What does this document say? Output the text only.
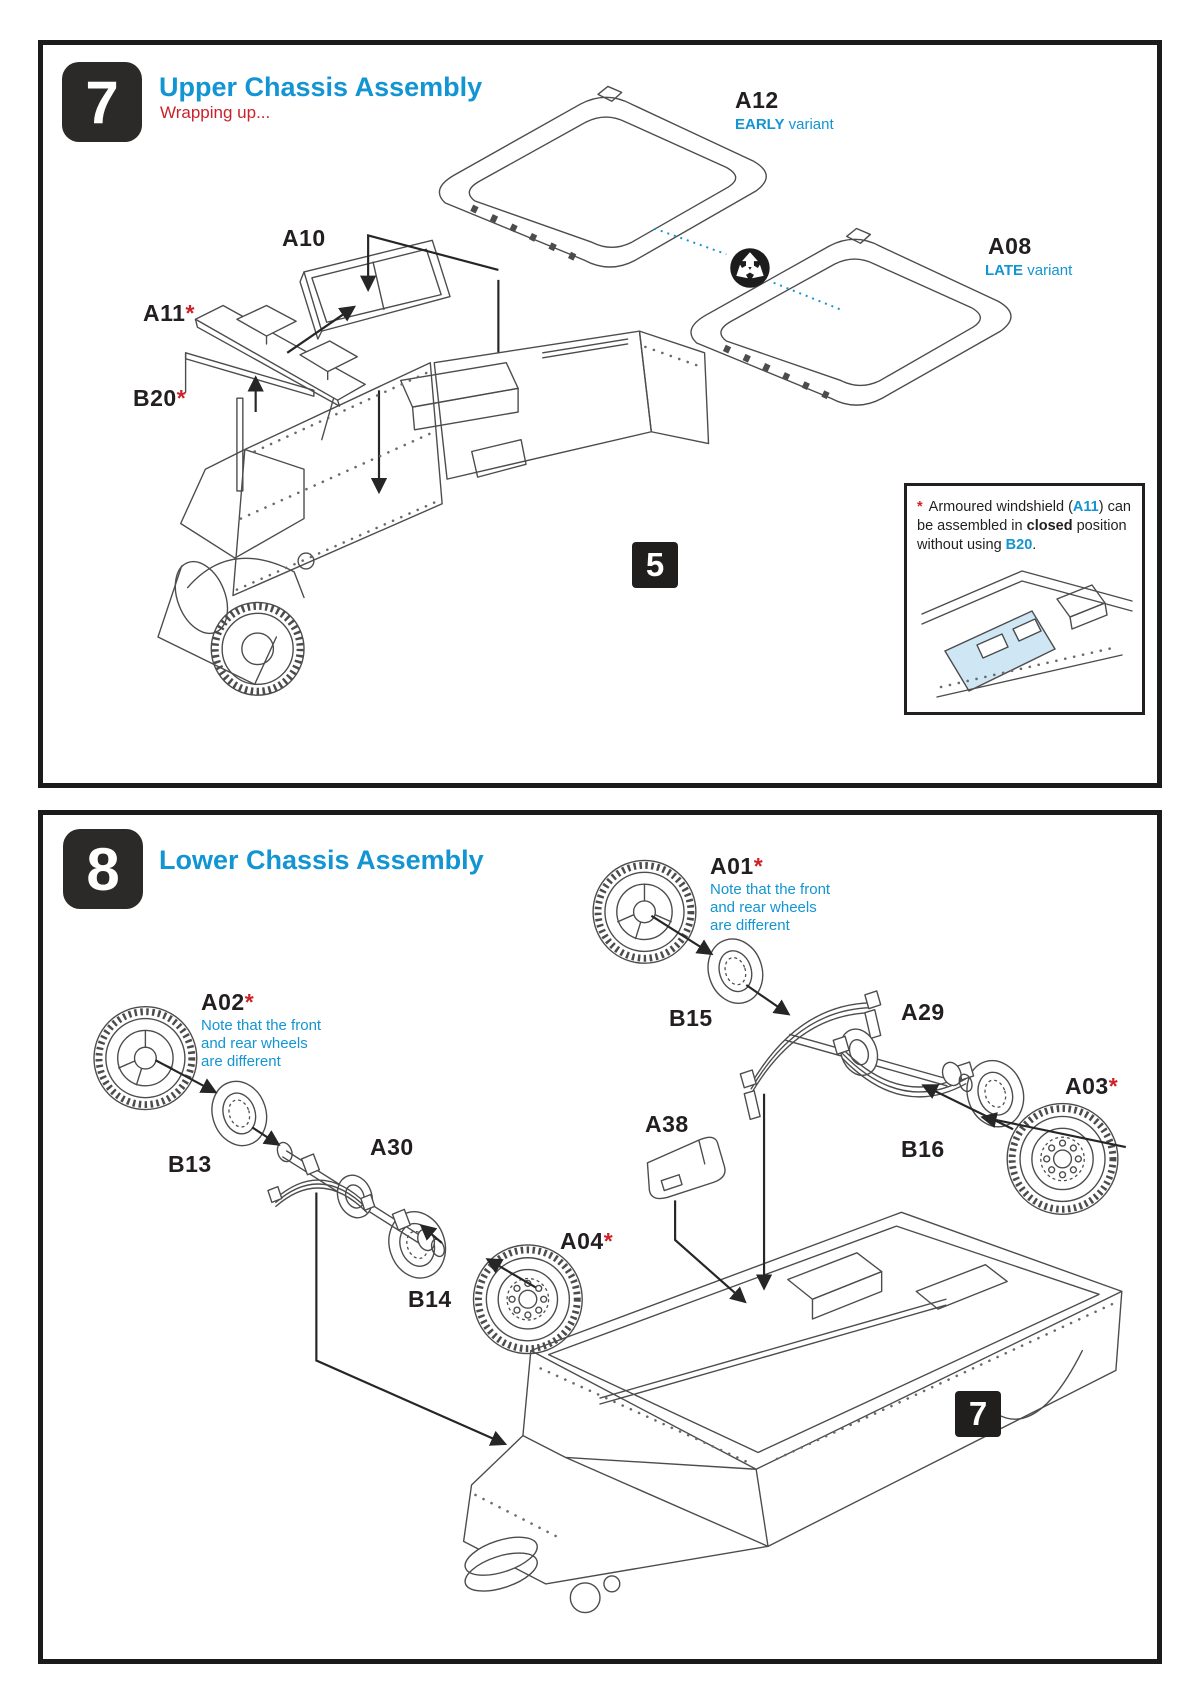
7 Upper Chassis Assembly
Wrapping up...	A12
EARLY variant
A08
LATE variant
A10
A11*
B20*
5
* Armoured windshield (A11) can be assembled in closed position without using B20.
8 Lower Chassis Assembly	A01*
Note that the front
and rear wheels
are different
A02*
Note that the front
and rear wheels
are different
B15	A29
A03*
B16
B13
A30
A38
A04*
B14
7
